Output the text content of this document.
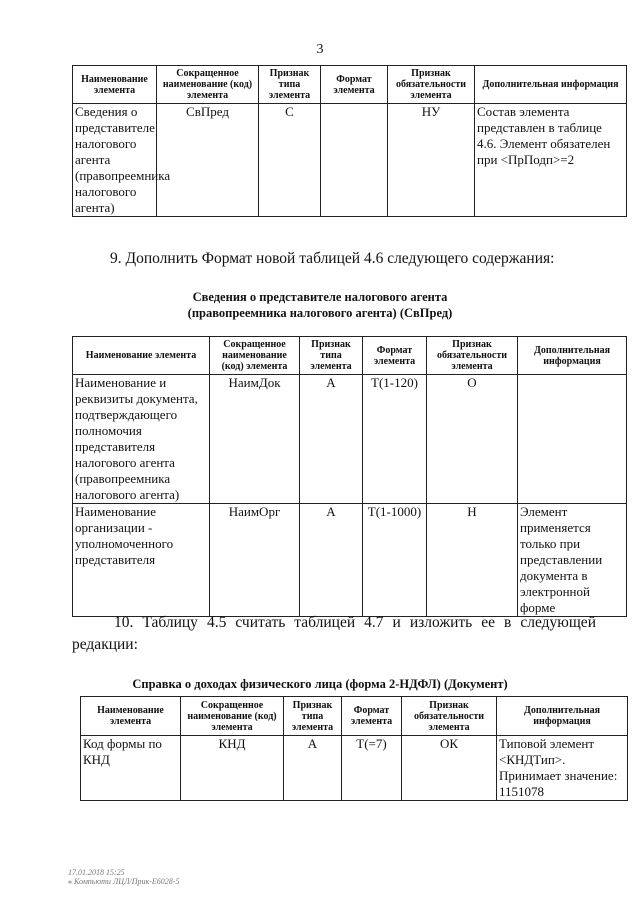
3
Наименование элемента	Сокращенное наименование (код) элемента	Признак типа элемента	Формат элемента	Признак обязательности элемента	Дополнительная информация
Сведения о представителе налогового агента (правопреемника налогового агента)	СвПред	С		НУ	Состав элемента представлен в таблице 4.6. Элемент обязателен при <ПрПодп>=2
9. Дополнить Формат новой таблицей 4.6 следующего содержания:
Сведения о представителе налогового агента
(правопреемника налогового агента) (СвПред)
Наименование элемента	Сокращенное наименование (код) элемента	Признак типа элемента	Формат элемента	Признак обязательности элемента	Дополнительная информация
Наименование и реквизиты документа, подтверждающего полномочия представителя налогового агента (правопреемника налогового агента)	НаимДок	А	Т(1-120)	О	
Наименование организации - уполномоченного представителя	НаимОрг	А	Т(1-1000)	Н	Элемент применяется только при представлении документа в электронной форме
10. Таблицу 4.5 считать таблицей 4.7 и изложить ее в следующей редакции:
Справка о доходах физического лица (форма 2-НДФЛ) (Документ)
Наименование элемента	Сокращенное наименование (код) элемента	Признак типа элемента	Формат элемента	Признак обязательности элемента	Дополнительная информация
Код формы по КНД	КНД	А	Т(=7)	ОК	Типовой элемент <КНДТип>. Принимает значение: 1151078
17.01.2018 15:25
⁎ Компьюти ЛЦЛ/Прик-Е6028-5
